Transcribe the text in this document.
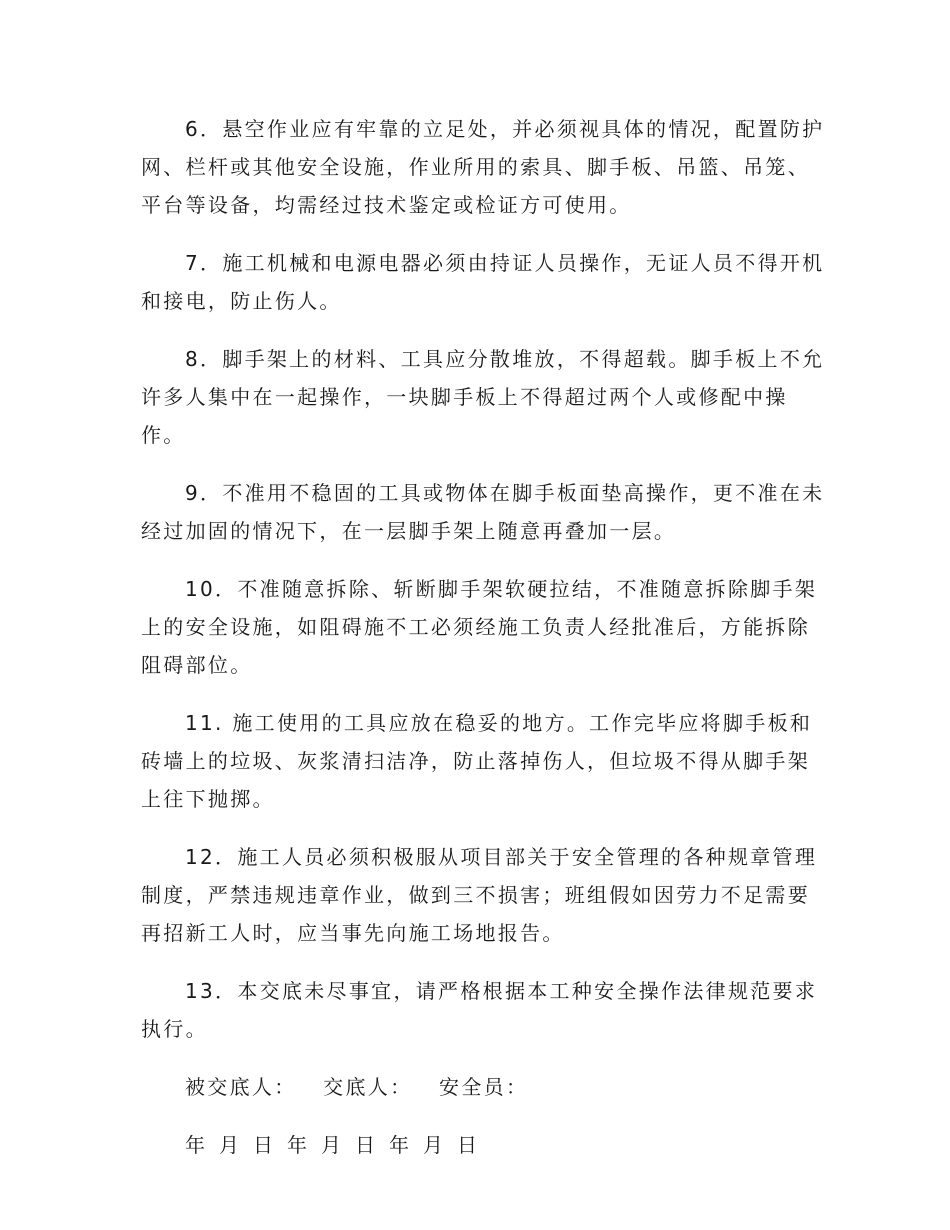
6．悬空作业应有牢靠的立足处，并必须视具体的情况，配置防护
网、栏杆或其他安全设施，作业所用的索具、脚手板、吊篮、吊笼、
平台等设备，均需经过技术鉴定或检证方可使用。
7．施工机械和电源电器必须由持证人员操作，无证人员不得开机
和接电，防止伤人。
8．脚手架上的材料、工具应分散堆放，不得超载。脚手板上不允
许多人集中在一起操作，一块脚手板上不得超过两个人或修配中操
作。
9．不准用不稳固的工具或物体在脚手板面垫高操作，更不准在未
经过加固的情况下，在一层脚手架上随意再叠加一层。
10．不准随意拆除、斩断脚手架软硬拉结，不准随意拆除脚手架
上的安全设施，如阻碍施不工必须经施工负责人经批准后，方能拆除
阻碍部位。
11. 施工使用的工具应放在稳妥的地方。工作完毕应将脚手板和
砖墙上的垃圾、灰浆清扫洁净，防止落掉伤人，但垃圾不得从脚手架
上往下抛掷。
12．施工人员必须积极服从项目部关于安全管理的各种规章管理
制度，严禁违规违章作业，做到三不损害；班组假如因劳力不足需要
再招新工人时，应当事先向施工场地报告。
13．本交底未尽事宜，请严格根据本工种安全操作法律规范要求
执行。
被交底人： 交底人： 安全员：
年月日年月日年月日
